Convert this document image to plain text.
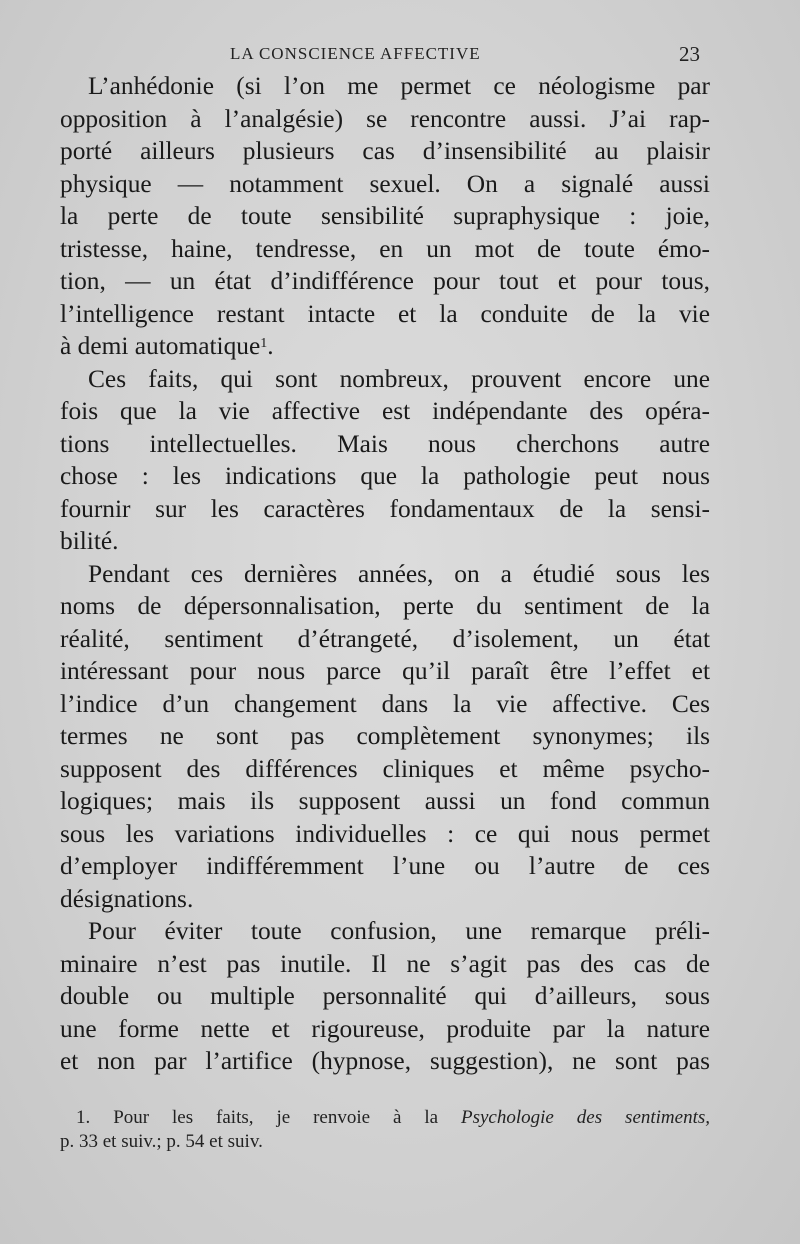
LA CONSCIENCE AFFECTIVE	23
L’anhédonie (si l’on me permet ce néologisme par
opposition à l’analgésie) se rencontre aussi. J’ai rap-
porté ailleurs plusieurs cas d’insensibilité au plaisir
physique — notamment sexuel. On a signalé aussi
la perte de toute sensibilité supraphysique : joie,
tristesse, haine, tendresse, en un mot de toute émo-
tion, — un état d’indifférence pour tout et pour tous,
l’intelligence restant intacte et la conduite de la vie
à demi automatique$^1$.
Ces faits, qui sont nombreux, prouvent encore une
fois que la vie affective est indépendante des opéra-
tions intellectuelles. Mais nous cherchons autre
chose : les indications que la pathologie peut nous
fournir sur les caractères fondamentaux de la sensi-
bilité.
Pendant ces dernières années, on a étudié sous les
noms de dépersonnalisation, perte du sentiment de la
réalité, sentiment d’étrangeté, d’isolement, un état
intéressant pour nous parce qu’il paraît être l’effet et
l’indice d’un changement dans la vie affective. Ces
termes ne sont pas complètement synonymes; ils
supposent des différences cliniques et même psycho-
logiques; mais ils supposent aussi un fond commun
sous les variations individuelles : ce qui nous permet
d’employer indifféremment l’une ou l’autre de ces
désignations.
Pour éviter toute confusion, une remarque préli-
minaire n’est pas inutile. Il ne s’agit pas des cas de
double ou multiple personnalité qui d’ailleurs, sous
une forme nette et rigoureuse, produite par la nature
et non par l’artifice (hypnose, suggestion), ne sont pas
1. Pour les faits, je renvoie à la Psychologie des sentiments,
p. 33 et suiv.; p. 54 et suiv.
